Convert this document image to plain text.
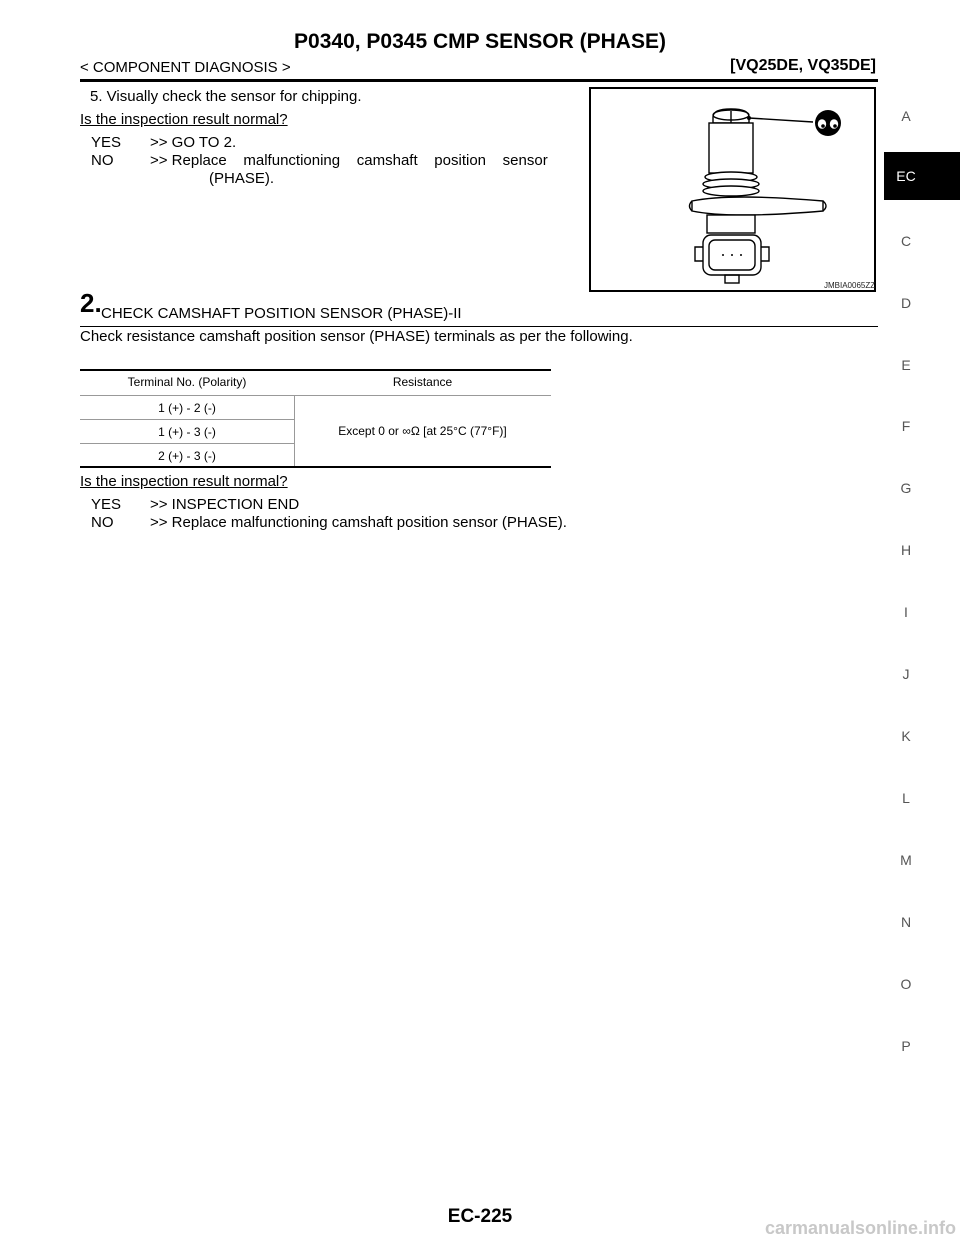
P0340, P0345 CMP SENSOR (PHASE)
< COMPONENT DIAGNOSIS >	[VQ25DE, VQ35DE]
A
EC
C
D
E
F
G
H
I
J
K
L
M
N
O
P
5. Visually check the sensor for chipping.
Is the inspection result normal?
YES >> GO TO 2.
NO >> Replace    malfunctioning    camshaft    position    sensor
(PHASE).
JMBIA0065ZZ
2. CHECK CAMSHAFT POSITION SENSOR (PHASE)-II
Check resistance camshaft position sensor (PHASE) terminals as per the following.
Terminal No. (Polarity)	Resistance
1 (+) - 2 (-)
1 (+) - 3 (-)
2 (+) - 3 (-)
Except 0 or ∞Ω [at 25°C (77°F)]
Is the inspection result normal?
YES >> INSPECTION END
NO >> Replace malfunctioning camshaft position sensor (PHASE).
EC-225
carmanualsonline.info
